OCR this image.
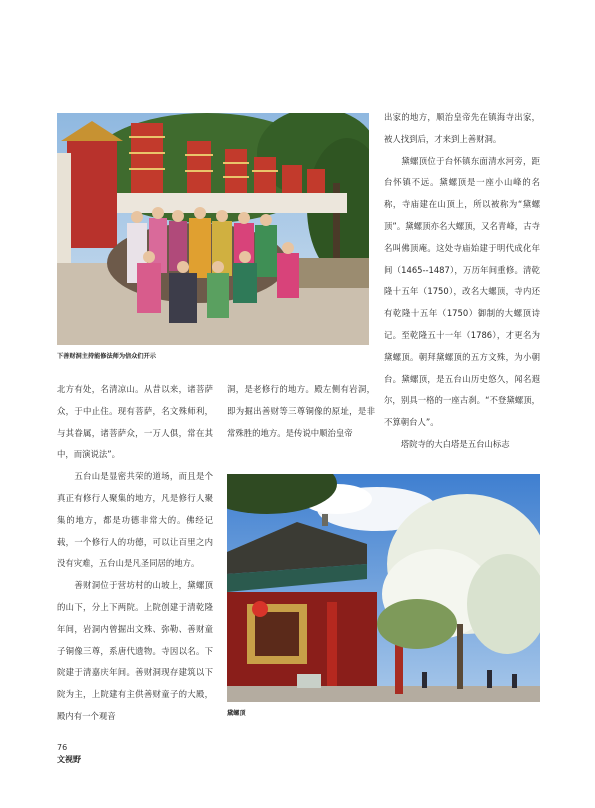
下善财洞主持能修法师为信众们开示

出家的地方，顺治皇帝先在镇海寺出家，被人找到后，才来到上善财洞。
　　黛螺顶位于台怀镇东面清水河旁，距台怀镇不远。黛螺顶是一座小山峰的名称，寺庙建在山顶上，所以被称为“黛螺顶”。黛螺顶亦名大螺顶，又名青峰，古寺名叫佛顶庵。这处寺庙始建于明代成化年间（1465--1487），万历年间重修。清乾隆十五年（1750），改名大螺顶，寺内还有乾隆十五年（1750）御制的大螺顶诗记。至乾隆五十一年（1786），才更名为黛螺顶。朝拜黛螺顶的五方文殊，为小朝台。黛螺顶，是五台山历史悠久，闻名遐尔，别具一格的一座古刹。“不登黛螺顶，不算朝台人”。
　　塔院寺的大白塔是五台山标志

北方有处，名清凉山。从昔以来，诸菩萨众，于中止住。现有菩萨，名文殊师利，与其眷属，诸菩萨众，一万人俱，常在其中，而演说法”。
　　五台山是显密共荣的道场，而且是个真正有修行人聚集的地方，凡是修行人聚集的地方，都是功德非常大的。佛经记载，一个修行人的功德，可以让百里之内没有灾难，五台山是凡圣同居的地方。
　　善财洞位于营坊村的山坡上，黛螺顶的山下，分上下两院。上院创建于清乾隆年间，岩洞内曾掘出文殊、弥勒、善财童子铜像三尊，系唐代遗物。寺因以名。下院建于清嘉庆年间。善财洞现存建筑以下院为主，上院建有主供善财童子的大殿，殿内有一个观音

洞，是老修行的地方。殿左侧有岩洞，即为掘出善财等三尊铜像的原址，是非常殊胜的地方。是传说中顺治皇帝

黛螺顶
76
文视野
